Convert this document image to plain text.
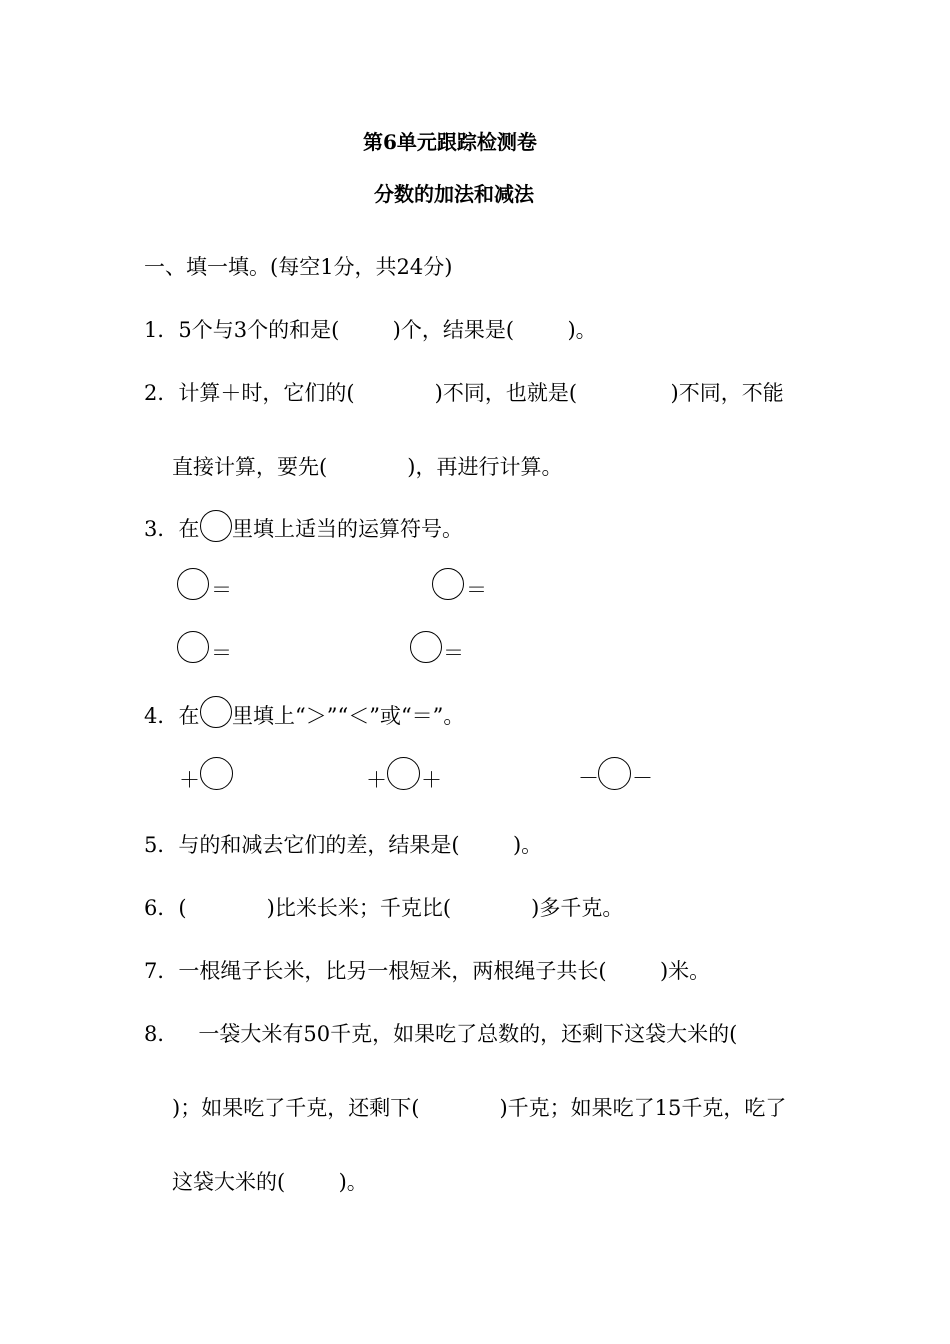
第6单元跟踪检测卷
分数的加法和减法
一、填一填。(每空1分，共24分)
1．5个与3个的和是(        )个，结果是(        )。
2．计算＋时，它们的(            )不同，也就是(              )不同，不能
直接计算，要先(            )，再进行计算。
3．在 里填上适当的运算符号。
＝	＝
＝	＝
4．在 里填上“＞”“＜”或“＝”。
＋	＋ ＋	－ －
5．与的和减去它们的差，结果是(        )。
6．(            )比米长米；千克比(            )多千克。
7．一根绳子长米，比另一根短米，两根绳子共长(        )米。
8．   一袋大米有50千克，如果吃了总数的，还剩下这袋大米的(
)；如果吃了千克，还剩下(            )千克；如果吃了15千克，吃了
这袋大米的(        )。
